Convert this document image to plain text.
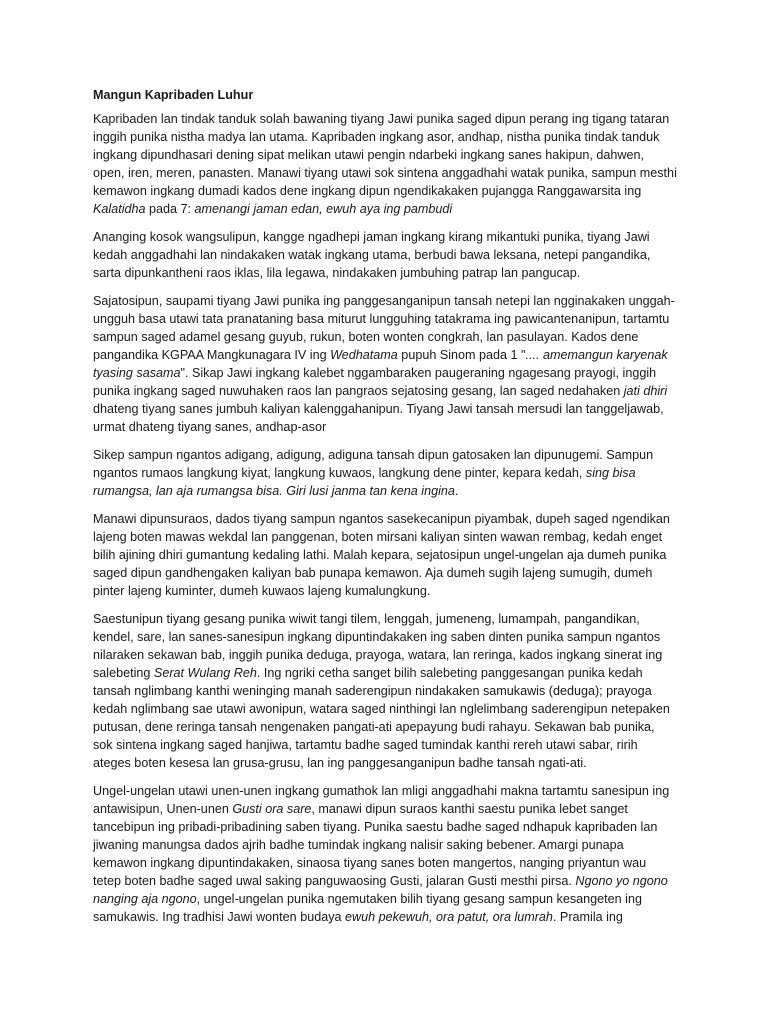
Mangun Kapribaden Luhur

Kapribaden lan tindak tanduk solah bawaning tiyang Jawi punika saged dipun perang ing tigang tataran inggih punika nistha madya lan utama. Kapribaden ingkang asor, andhap, nistha punika tindak tanduk ingkang dipundhasari dening sipat melikan utawi pengin ndarbeki ingkang sanes hakipun, dahwen, open, iren, meren, panasten. Manawi tiyang utawi sok sintena anggadhahi watak punika, sampun mesthi kemawon ingkang dumadi kados dene ingkang dipun ngendikakaken pujangga Ranggawarsita ing Kalatidha pada 7: amenangi jaman edan, ewuh aya ing pambudi

Ananging kosok wangsulipun, kangge ngadhepi jaman ingkang kirang mikantuki punika, tiyang Jawi kedah anggadhahi lan nindakaken watak ingkang utama, berbudi bawa leksana, netepi pangandika, sarta dipunkantheni raos iklas, lila legawa, nindakaken jumbuhing patrap lan pangucap.

Sajatosipun, saupami tiyang Jawi punika ing panggesanganipun tansah netepi lan ngginakaken unggah-ungguh basa utawi tata pranataning basa miturut lungguhing tatakrama ing pawicantenanipun, tartamtu sampun saged adamel gesang guyub, rukun, boten wonten congkrah, lan pasulayan. Kados dene pangandika KGPAA Mangkunagara IV ing Wedhatama pupuh Sinom pada 1 ".... amemangun karyenak tyasing sasama". Sikap Jawi ingkang kalebet nggambaraken paugeraning ngagesang prayogi, inggih punika ingkang saged nuwuhaken raos lan pangraos sejatosing gesang, lan saged nedahaken jati dhiri dhateng tiyang sanes jumbuh kaliyan kalenggahanipun. Tiyang Jawi tansah mersudi lan tanggeljawab, urmat dhateng tiyang sanes, andhap-asor

Sikep sampun ngantos adigang, adigung, adiguna tansah dipun gatosaken lan dipunugemi. Sampun ngantos rumaos langkung kiyat, langkung kuwaos, langkung dene pinter, kepara kedah, sing bisa rumangsa, lan aja rumangsa bisa. Giri lusi janma tan kena ingina.

Manawi dipunsuraos, dados tiyang sampun ngantos sasekecanipun piyambak, dupeh saged ngendikan lajeng boten mawas wekdal lan panggenan, boten mirsani kaliyan sinten wawan rembag, kedah enget bilih ajining dhiri gumantung kedaling lathi. Malah kepara, sejatosipun ungel-ungelan aja dumeh punika saged dipun gandhengaken kaliyan bab punapa kemawon. Aja dumeh sugih lajeng sumugih, dumeh pinter lajeng kuminter, dumeh kuwaos lajeng kumalungkung.

Saestunipun tiyang gesang punika wiwit tangi tilem, lenggah, jumeneng, lumampah, pangandikan, kendel, sare, lan sanes-sanesipun ingkang dipuntindakaken ing saben dinten punika sampun ngantos nilaraken sekawan bab, inggih punika deduga, prayoga, watara, lan reringa, kados ingkang sinerat ing salebeting Serat Wulang Reh. Ing ngriki cetha sanget bilih salebeting panggesangan punika kedah tansah nglimbang kanthi weninging manah saderengipun nindakaken samukawis (deduga); prayoga kedah nglimbang sae utawi awonipun, watara saged ninthingi lan nglelimbang saderengipun netepaken putusan, dene reringa tansah nengenaken pangati-ati apepayung budi rahayu. Sekawan bab punika, sok sintena ingkang saged hanjiwa, tartamtu badhe saged tumindak kanthi rereh utawi sabar, ririh ateges boten kesesa lan grusa-grusu, lan ing panggesanganipun badhe tansah ngati-ati.

Ungel-ungelan utawi unen-unen ingkang gumathok lan mligi anggadhahi makna tartamtu sanesipun ing antawisipun, Unen-unen Gusti ora sare, manawi dipun suraos kanthi saestu punika lebet sanget tancebipun ing pribadi-pribadining saben tiyang. Punika saestu badhe saged ndhapuk kapribaden lan jiwaning manungsa dados ajrih badhe tumindak ingkang nalisir saking bebener. Amargi punapa kemawon ingkang dipuntindakaken, sinaosa tiyang sanes boten mangertos, nanging priyantun wau tetep boten badhe saged uwal saking panguwaosing Gusti, jalaran Gusti mesthi pirsa. Ngono yo ngono nanging aja ngono, ungel-ungelan punika ngemutaken bilih tiyang gesang sampun kesangeten ing samukawis. Ing tradhisi Jawi wonten budaya ewuh pekewuh, ora patut, ora lumrah. Pramila ing
